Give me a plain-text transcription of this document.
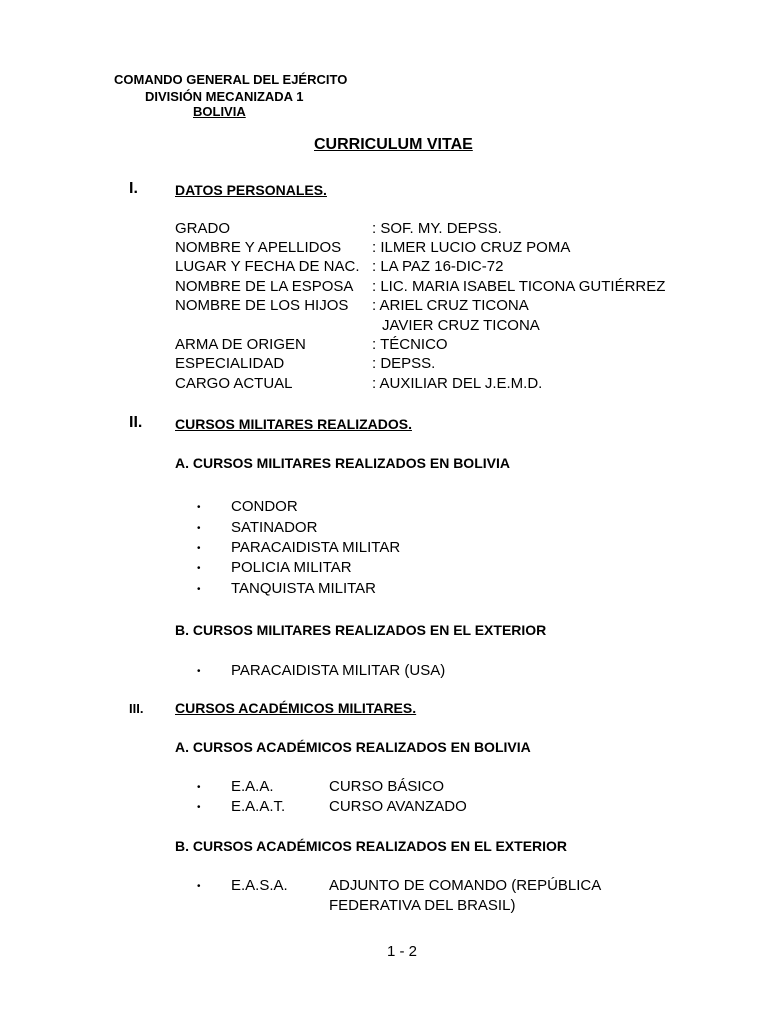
COMANDO GENERAL DEL EJÉRCITO
DIVISIÓN MECANIZADA 1
BOLIVIA
CURRICULUM VITAE
I.	DATOS PERSONALES.
GRADO	: SOF. MY. DEPSS.
NOMBRE Y APELLIDOS : ILMER LUCIO CRUZ POMA
LUGAR Y FECHA DE NAC. : LA PAZ 16-DIC-72
NOMBRE DE LA ESPOSA : LIC. MARIA ISABEL TICONA GUTIÉRREZ
NOMBRE DE LOS HIJOS : ARIEL CRUZ TICONA
JAVIER CRUZ TICONA
ARMA DE ORIGEN	: TÉCNICO
ESPECIALIDAD	: DEPSS.
CARGO ACTUAL	: AUXILIAR DEL J.E.M.D.
II. CURSOS MILITARES REALIZADOS.
A. CURSOS MILITARES REALIZADOS EN BOLIVIA
• CONDOR
• SATINADOR
• PARACAIDISTA MILITAR
• POLICIA MILITAR
• TANQUISTA MILITAR
B. CURSOS MILITARES REALIZADOS EN EL EXTERIOR
• PARACAIDISTA MILITAR (USA)
III. CURSOS ACADÉMICOS MILITARES.
A. CURSOS ACADÉMICOS REALIZADOS EN BOLIVIA
• E.A.A.	CURSO BÁSICO
• E.A.A.T.	CURSO AVANZADO
B. CURSOS ACADÉMICOS REALIZADOS EN EL EXTERIOR
• E.A.S.A.	ADJUNTO DE COMANDO (REPÚBLICA
FEDERATIVA DEL BRASIL)
1 - 2
